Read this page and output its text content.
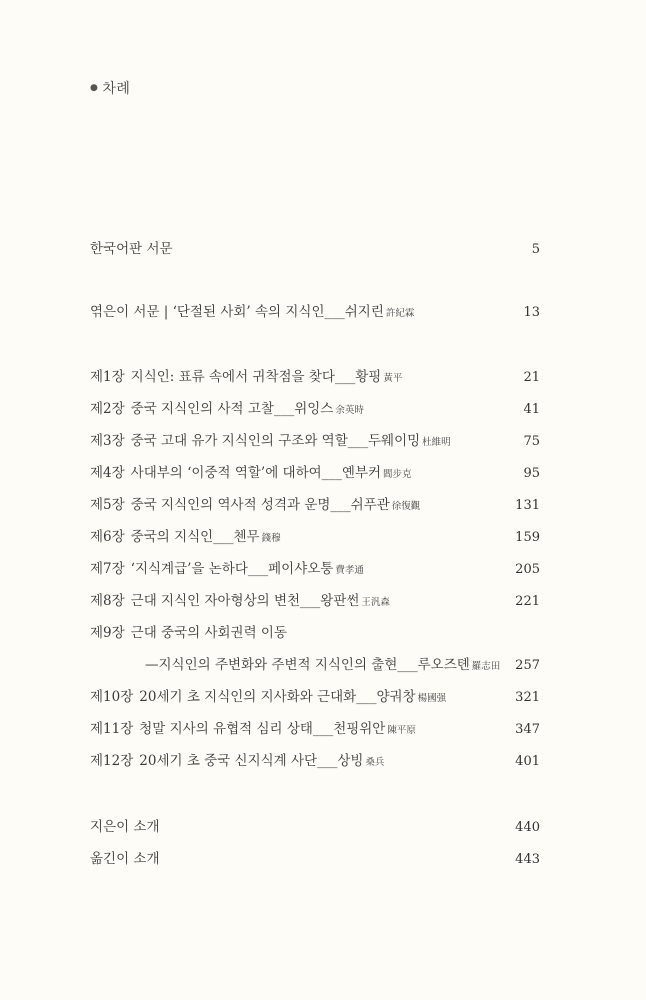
● 차례
한국어판 서문	5
엮은이 서문 | ‘단절된 사회’ 속의 지식인 ___ 쉬지린 許紀霖	13
제1장 지식인: 표류 속에서 귀착점을 찾다 ___ 황핑 黃平	21
제2장 중국 지식인의 사적 고찰 ___ 위잉스 余英時	41
제3장 중국 고대 유가 지식인의 구조와 역할 ___ 두웨이밍 杜維明	75
제4장 사대부의 ‘이중적 역할’에 대하여 ___ 옌부커 閻步克	95
제5장 중국 지식인의 역사적 성격과 운명 ___ 쉬푸관 徐復觀	131
제6장 중국의 지식인 ___ 첸무 錢穆	159
제7장 ‘지식계급’을 논하다 ___ 페이샤오퉁 費孝通	205
제8장 근대 지식인 자아형상의 변천 ___ 왕판썬 王汎森	221
제9장 근대 중국의 사회권력 이동
—지식인의 주변화와 주변적 지식인의 출현 ___ 루오즈톈 羅志田 257
제10장 20세기 초 지식인의 지사화와 근대화 ___ 양궈창 楊國强	321
제11장 청말 지사의 유협적 심리 상태 ___ 천핑위안 陳平原	347
제12장 20세기 초 중국 신지식계 사단 ___ 상빙 桑兵	401
지은이 소개	440
옮긴이 소개	443
